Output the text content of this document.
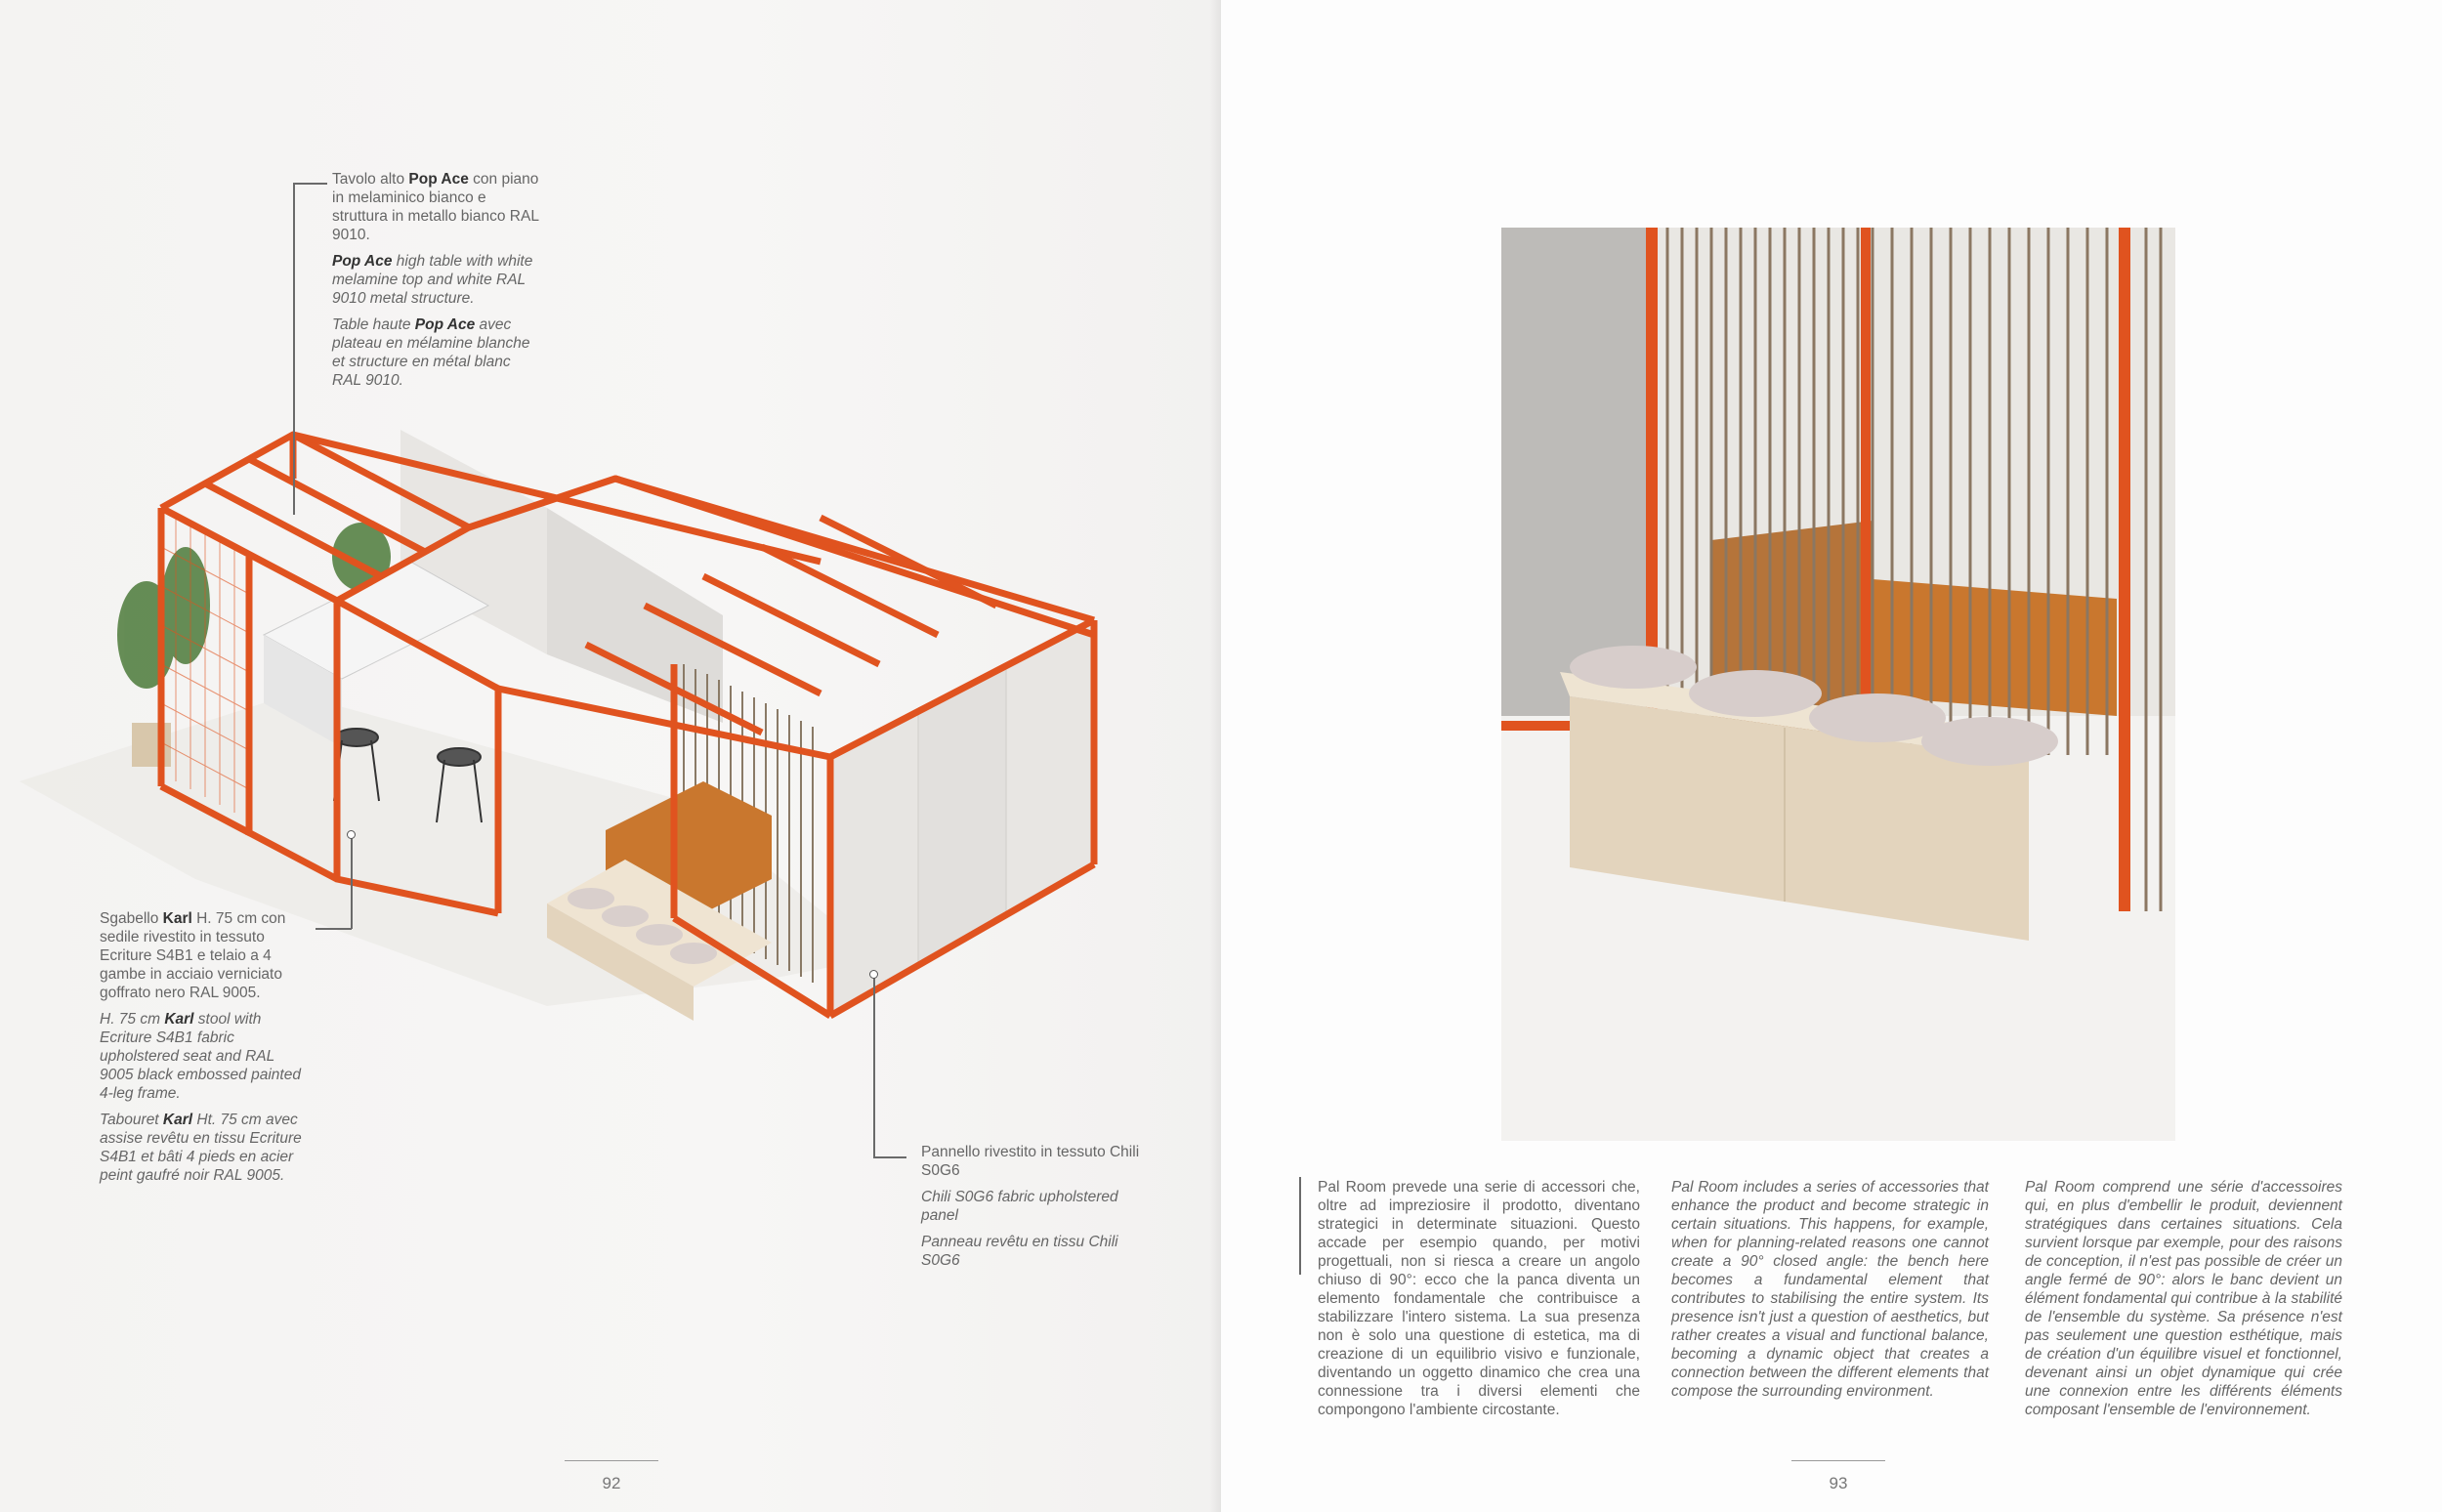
Tavolo alto Pop Ace con piano in melaminico bianco e struttura in metallo bianco RAL 9010.

Pop Ace high table with white melamine top and white RAL 9010 metal structure.

Table haute Pop Ace avec plateau en mélamine blanche et structure en métal blanc RAL 9010.

Sgabello Karl H. 75 cm con sedile rivestito in tessuto Ecriture S4B1 e telaio a 4 gambe in acciaio verniciato goffrato nero RAL 9005.

H. 75 cm Karl stool with Ecriture S4B1 fabric upholstered seat and RAL 9005 black embossed painted 4-leg frame.

Tabouret Karl Ht. 75 cm avec assise revêtu en tissu Ecriture S4B1 et bâti 4 pieds en acier peint gaufré noir RAL 9005.

Pannello rivestito in tessuto Chili S0G6

Chili S0G6 fabric upholstered panel

Panneau revêtu en tissu Chili S0G6

92	93
Pal Room prevede una serie di accessori che, oltre ad impreziosire il prodotto, diventano strategici in determinate situazioni. Questo accade per esempio quando, per motivi progettuali, non si riesca a creare un angolo chiuso di 90°: ecco che la panca diventa un elemento fondamentale che contribuisce a stabilizzare l'intero sistema. La sua presenza non è solo una questione di estetica, ma di creazione di un equilibrio visivo e funzionale, diventando un oggetto dinamico che crea una connessione tra i diversi elementi che compongono l'ambiente circostante.
Pal Room includes a series of accessories that enhance the product and become strategic in certain situations. This happens, for example, when for planning-related reasons one cannot create a 90° closed angle: the bench here becomes a fundamental element that contributes to stabilising the entire system. Its presence isn't just a question of aesthetics, but rather creates a visual and functional balance, becoming a dynamic object that creates a connection between the different elements that compose the surrounding environment.
Pal Room comprend une série d'accessoires qui, en plus d'embellir le produit, deviennent stratégiques dans certaines situations. Cela survient lorsque par exemple, pour des raisons de conception, il n'est pas possible de créer un angle fermé de 90°: alors le banc devient un élément fondamental qui contribue à la stabilité de l'ensemble du système. Sa présence n'est pas seulement une question esthétique, mais de création d'un équilibre visuel et fonctionnel, devenant ainsi un objet dynamique qui crée une connexion entre les différents éléments composant l'ensemble de l'environnement.
